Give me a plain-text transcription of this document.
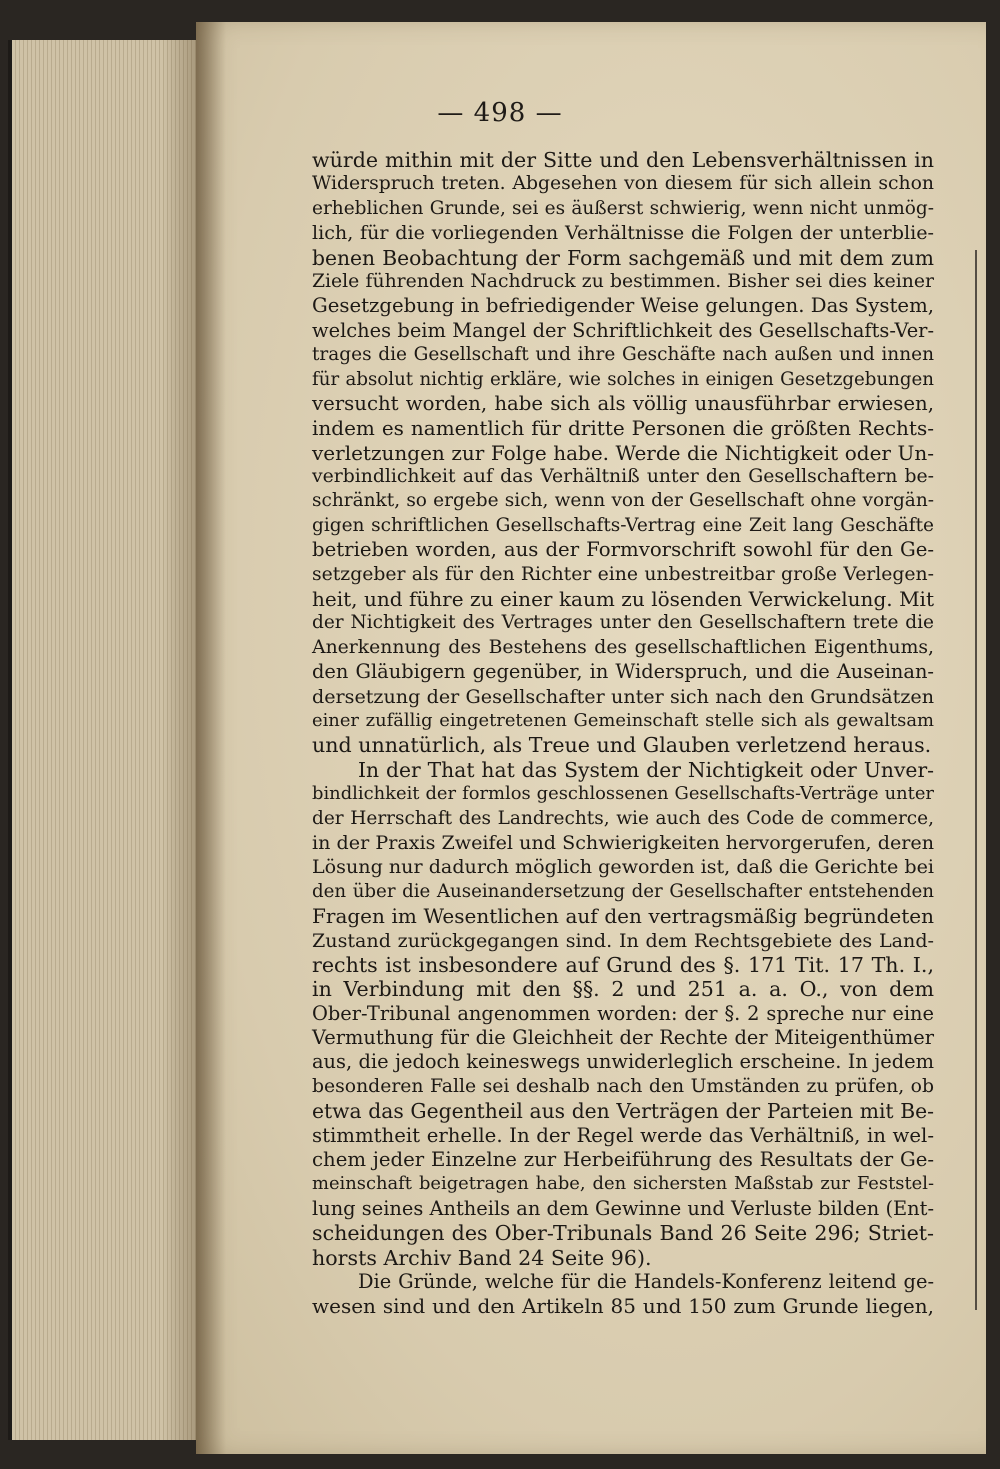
— 498 —
würde mithin mit der Sitte und den Lebensverhältnissen in
Widerspruch treten. Abgesehen von diesem für sich allein schon
erheblichen Grunde, sei es äußerst schwierig, wenn nicht unmög-
lich, für die vorliegenden Verhältnisse die Folgen der unterblie-
benen Beobachtung der Form sachgemäß und mit dem zum
Ziele führenden Nachdruck zu bestimmen. Bisher sei dies keiner
Gesetzgebung in befriedigender Weise gelungen. Das System,
welches beim Mangel der Schriftlichkeit des Gesellschafts-Ver-
trages die Gesellschaft und ihre Geschäfte nach außen und innen
für absolut nichtig erkläre, wie solches in einigen Gesetzgebungen
versucht worden, habe sich als völlig unausführbar erwiesen,
indem es namentlich für dritte Personen die größten Rechts-
verletzungen zur Folge habe. Werde die Nichtigkeit oder Un-
verbindlichkeit auf das Verhältniß unter den Gesellschaftern be-
schränkt, so ergebe sich, wenn von der Gesellschaft ohne vorgän-
gigen schriftlichen Gesellschafts-Vertrag eine Zeit lang Geschäfte
betrieben worden, aus der Formvorschrift sowohl für den Ge-
setzgeber als für den Richter eine unbestreitbar große Verlegen-
heit, und führe zu einer kaum zu lösenden Verwickelung. Mit
der Nichtigkeit des Vertrages unter den Gesellschaftern trete die
Anerkennung des Bestehens des gesellschaftlichen Eigenthums,
den Gläubigern gegenüber, in Widerspruch, und die Auseinan-
dersetzung der Gesellschafter unter sich nach den Grundsätzen
einer zufällig eingetretenen Gemeinschaft stelle sich als gewaltsam
und unnatürlich, als Treue und Glauben verletzend heraus.
In der That hat das System der Nichtigkeit oder Unver-
bindlichkeit der formlos geschlossenen Gesellschafts-Verträge unter
der Herrschaft des Landrechts, wie auch des Code de commerce,
in der Praxis Zweifel und Schwierigkeiten hervorgerufen, deren
Lösung nur dadurch möglich geworden ist, daß die Gerichte bei
den über die Auseinandersetzung der Gesellschafter entstehenden
Fragen im Wesentlichen auf den vertragsmäßig begründeten
Zustand zurückgegangen sind. In dem Rechtsgebiete des Land-
rechts ist insbesondere auf Grund des §. 171 Tit. 17 Th. I.,
in Verbindung mit den §§. 2 und 251 a. a. O., von dem
Ober-Tribunal angenommen worden: der §. 2 spreche nur eine
Vermuthung für die Gleichheit der Rechte der Miteigenthümer
aus, die jedoch keineswegs unwiderleglich erscheine. In jedem
besonderen Falle sei deshalb nach den Umständen zu prüfen, ob
etwa das Gegentheil aus den Verträgen der Parteien mit Be-
stimmtheit erhelle. In der Regel werde das Verhältniß, in wel-
chem jeder Einzelne zur Herbeiführung des Resultats der Ge-
meinschaft beigetragen habe, den sichersten Maßstab zur Feststel-
lung seines Antheils an dem Gewinne und Verluste bilden (Ent-
scheidungen des Ober-Tribunals Band 26 Seite 296; Striet-
horsts Archiv Band 24 Seite 96).
Die Gründe, welche für die Handels-Konferenz leitend ge-
wesen sind und den Artikeln 85 und 150 zum Grunde liegen,
